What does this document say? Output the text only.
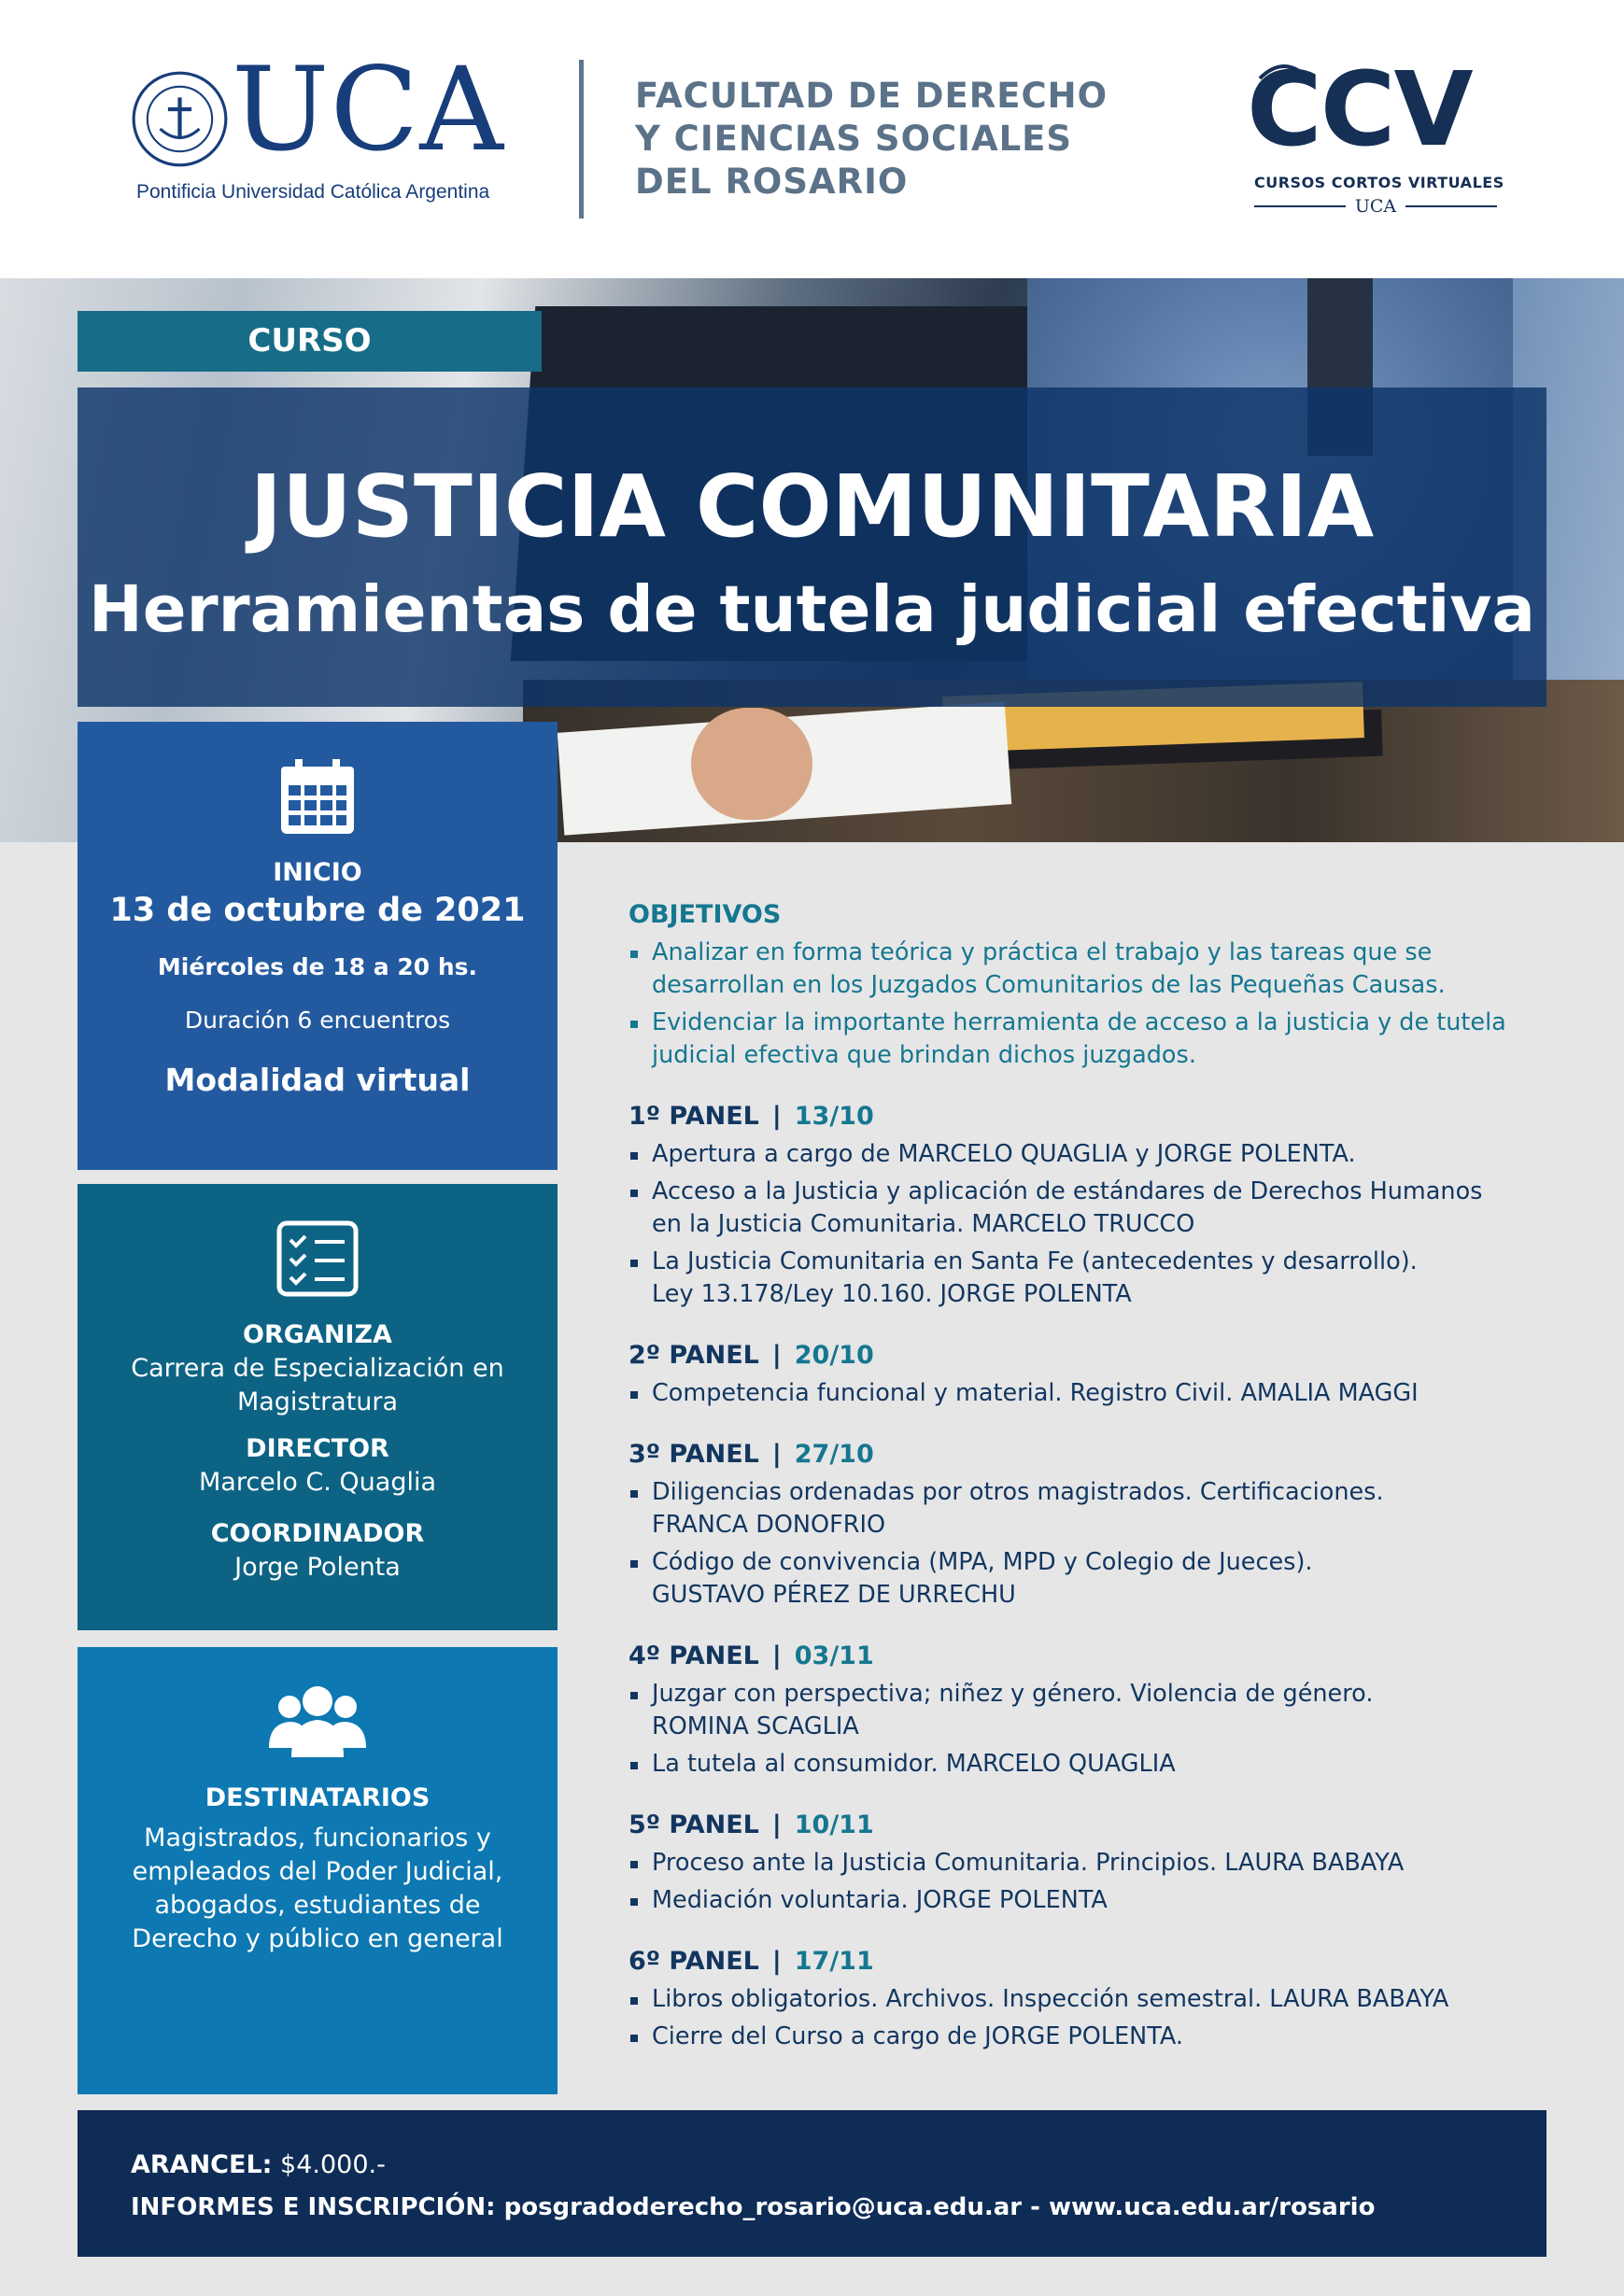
UCA
Pontificia Universidad Católica Argentina
FACULTAD DE DERECHO
Y CIENCIAS SOCIALES
DEL ROSARIO
CCV
CURSOS CORTOS VIRTUALES
UCA
CURSO
JUSTICIA COMUNITARIA
Herramientas de tutela judicial efectiva
INICIO
13 de octubre de 2021
Miércoles de 18 a 20 hs.
Duración 6 encuentros
Modalidad virtual
ORGANIZA
Carrera de Especialización en
Magistratura
DIRECTOR
Marcelo C. Quaglia
COORDINADOR
Jorge Polenta
DESTINATARIOS
Magistrados, funcionarios y
empleados del Poder Judicial,
abogados, estudiantes de
Derecho y público en general
OBJETIVOS
Analizar en forma teórica y práctica el trabajo y las tareas que se
desarrollan en los Juzgados Comunitarios de las Pequeñas Causas.
Evidenciar la importante herramienta de acceso a la justicia y de tutela
judicial efectiva que brindan dichos juzgados.
1º PANEL | 13/10
Apertura a cargo de MARCELO QUAGLIA y JORGE POLENTA.
Acceso a la Justicia y aplicación de estándares de Derechos Humanos
en la Justicia Comunitaria. MARCELO TRUCCO
La Justicia Comunitaria en Santa Fe (antecedentes y desarrollo).
Ley 13.178/Ley 10.160. JORGE POLENTA
2º PANEL | 20/10
Competencia funcional y material. Registro Civil. AMALIA MAGGI
3º PANEL | 27/10
Diligencias ordenadas por otros magistrados. Certificaciones.
FRANCA DONOFRIO
Código de convivencia (MPA, MPD y Colegio de Jueces).
GUSTAVO PÉREZ DE URRECHU
4º PANEL | 03/11
Juzgar con perspectiva; niñez y género. Violencia de género.
ROMINA SCAGLIA
La tutela al consumidor. MARCELO QUAGLIA
5º PANEL | 10/11
Proceso ante la Justicia Comunitaria. Principios. LAURA BABAYA
Mediación voluntaria. JORGE POLENTA
6º PANEL | 17/11
Libros obligatorios. Archivos. Inspección semestral. LAURA BABAYA
Cierre del Curso a cargo de JORGE POLENTA.
ARANCEL: $4.000.-
INFORMES E INSCRIPCIÓN: posgradoderecho_rosario@uca.edu.ar - www.uca.edu.ar/rosario
